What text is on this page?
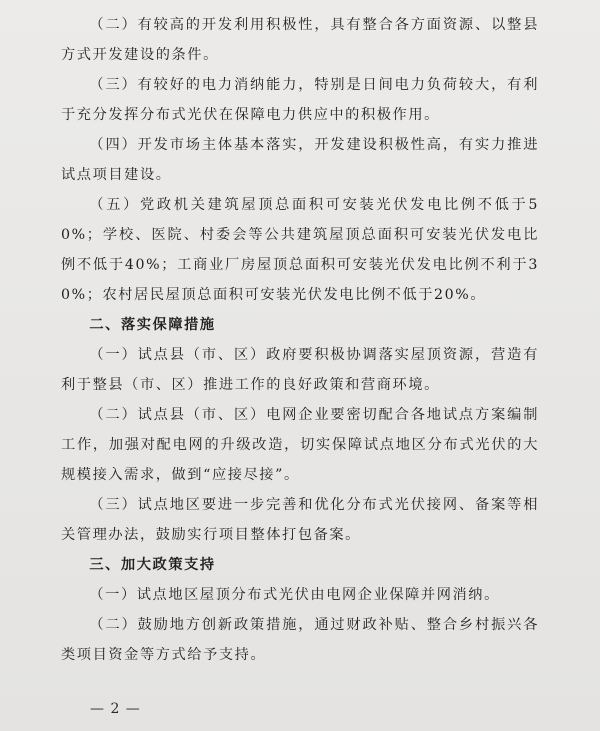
（二）有较高的开发利用积极性，具有整合各方面资源、以整县方式开发建设的条件。

（三）有较好的电力消纳能力，特别是日间电力负荷较大，有利于充分发挥分布式光伏在保障电力供应中的积极作用。

（四）开发市场主体基本落实，开发建设积极性高，有实力推进试点项目建设。

（五）党政机关建筑屋顶总面积可安装光伏发电比例不低于50%；学校、医院、村委会等公共建筑屋顶总面积可安装光伏发电比例不低于40%；工商业厂房屋顶总面积可安装光伏发电比例不利于30%；农村居民屋顶总面积可安装光伏发电比例不低于20%。

二、落实保障措施

（一）试点县（市、区）政府要积极协调落实屋顶资源，营造有利于整县（市、区）推进工作的良好政策和营商环境。

（二）试点县（市、区）电网企业要密切配合各地试点方案编制工作，加强对配电网的升级改造，切实保障试点地区分布式光伏的大规模接入需求，做到“应接尽接”。

（三）试点地区要进一步完善和优化分布式光伏接网、备案等相关管理办法，鼓励实行项目整体打包备案。

三、加大政策支持

（一）试点地区屋顶分布式光伏由电网企业保障并网消纳。

（二）鼓励地方创新政策措施，通过财政补贴、整合乡村振兴各类项目资金等方式给予支持。

— 2 —
